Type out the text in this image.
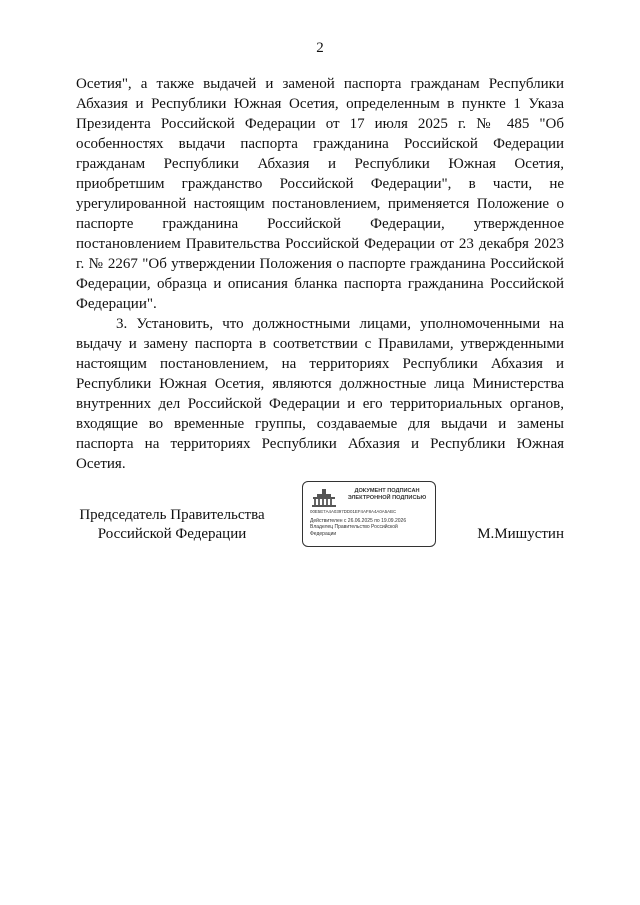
2

Осетия", а также выдачей и заменой паспорта гражданам Республики Абхазия и Республики Южная Осетия, определенным в пункте 1 Указа Президента Российской Федерации от 17 июля 2025 г. № 485 "Об особенностях выдачи паспорта гражданина Российской Федерации гражданам Республики Абхазия и Республики Южная Осетия, приобретшим гражданство Российской Федерации", в части, не урегулированной настоящим постановлением, применяется Положение о паспорте гражданина Российской Федерации, утвержденное постановлением Правительства Российской Федерации от 23 декабря 2023 г. № 2267 "Об утверждении Положения о паспорте гражданина Российской Федерации, образца и описания бланка паспорта гражданина Российской Федерации".

3. Установить, что должностными лицами, уполномоченными на выдачу и замену паспорта в соответствии с Правилами, утвержденными настоящим постановлением, на территориях Республики Абхазия и Республики Южная Осетия, являются должностные лица Министерства внутренних дел Российской Федерации и его территориальных органов, входящие во временные группы, создаваемые для выдачи и замены паспорта на территориях Республики Абхазия и Республики Южная Осетия.

Председатель Правительства
Российской Федерации
ДОКУМЕНТ ПОДПИСАН
ЭЛЕКТРОННОЙ ПОДПИСЬЮ
00E5E7A4A0397DD01EF4AF8A4A0A5ABC
Действителен с 26.06.2025 по 19.09.2026
Владелец Правительство Российской
Федерации	М.Мишустин
